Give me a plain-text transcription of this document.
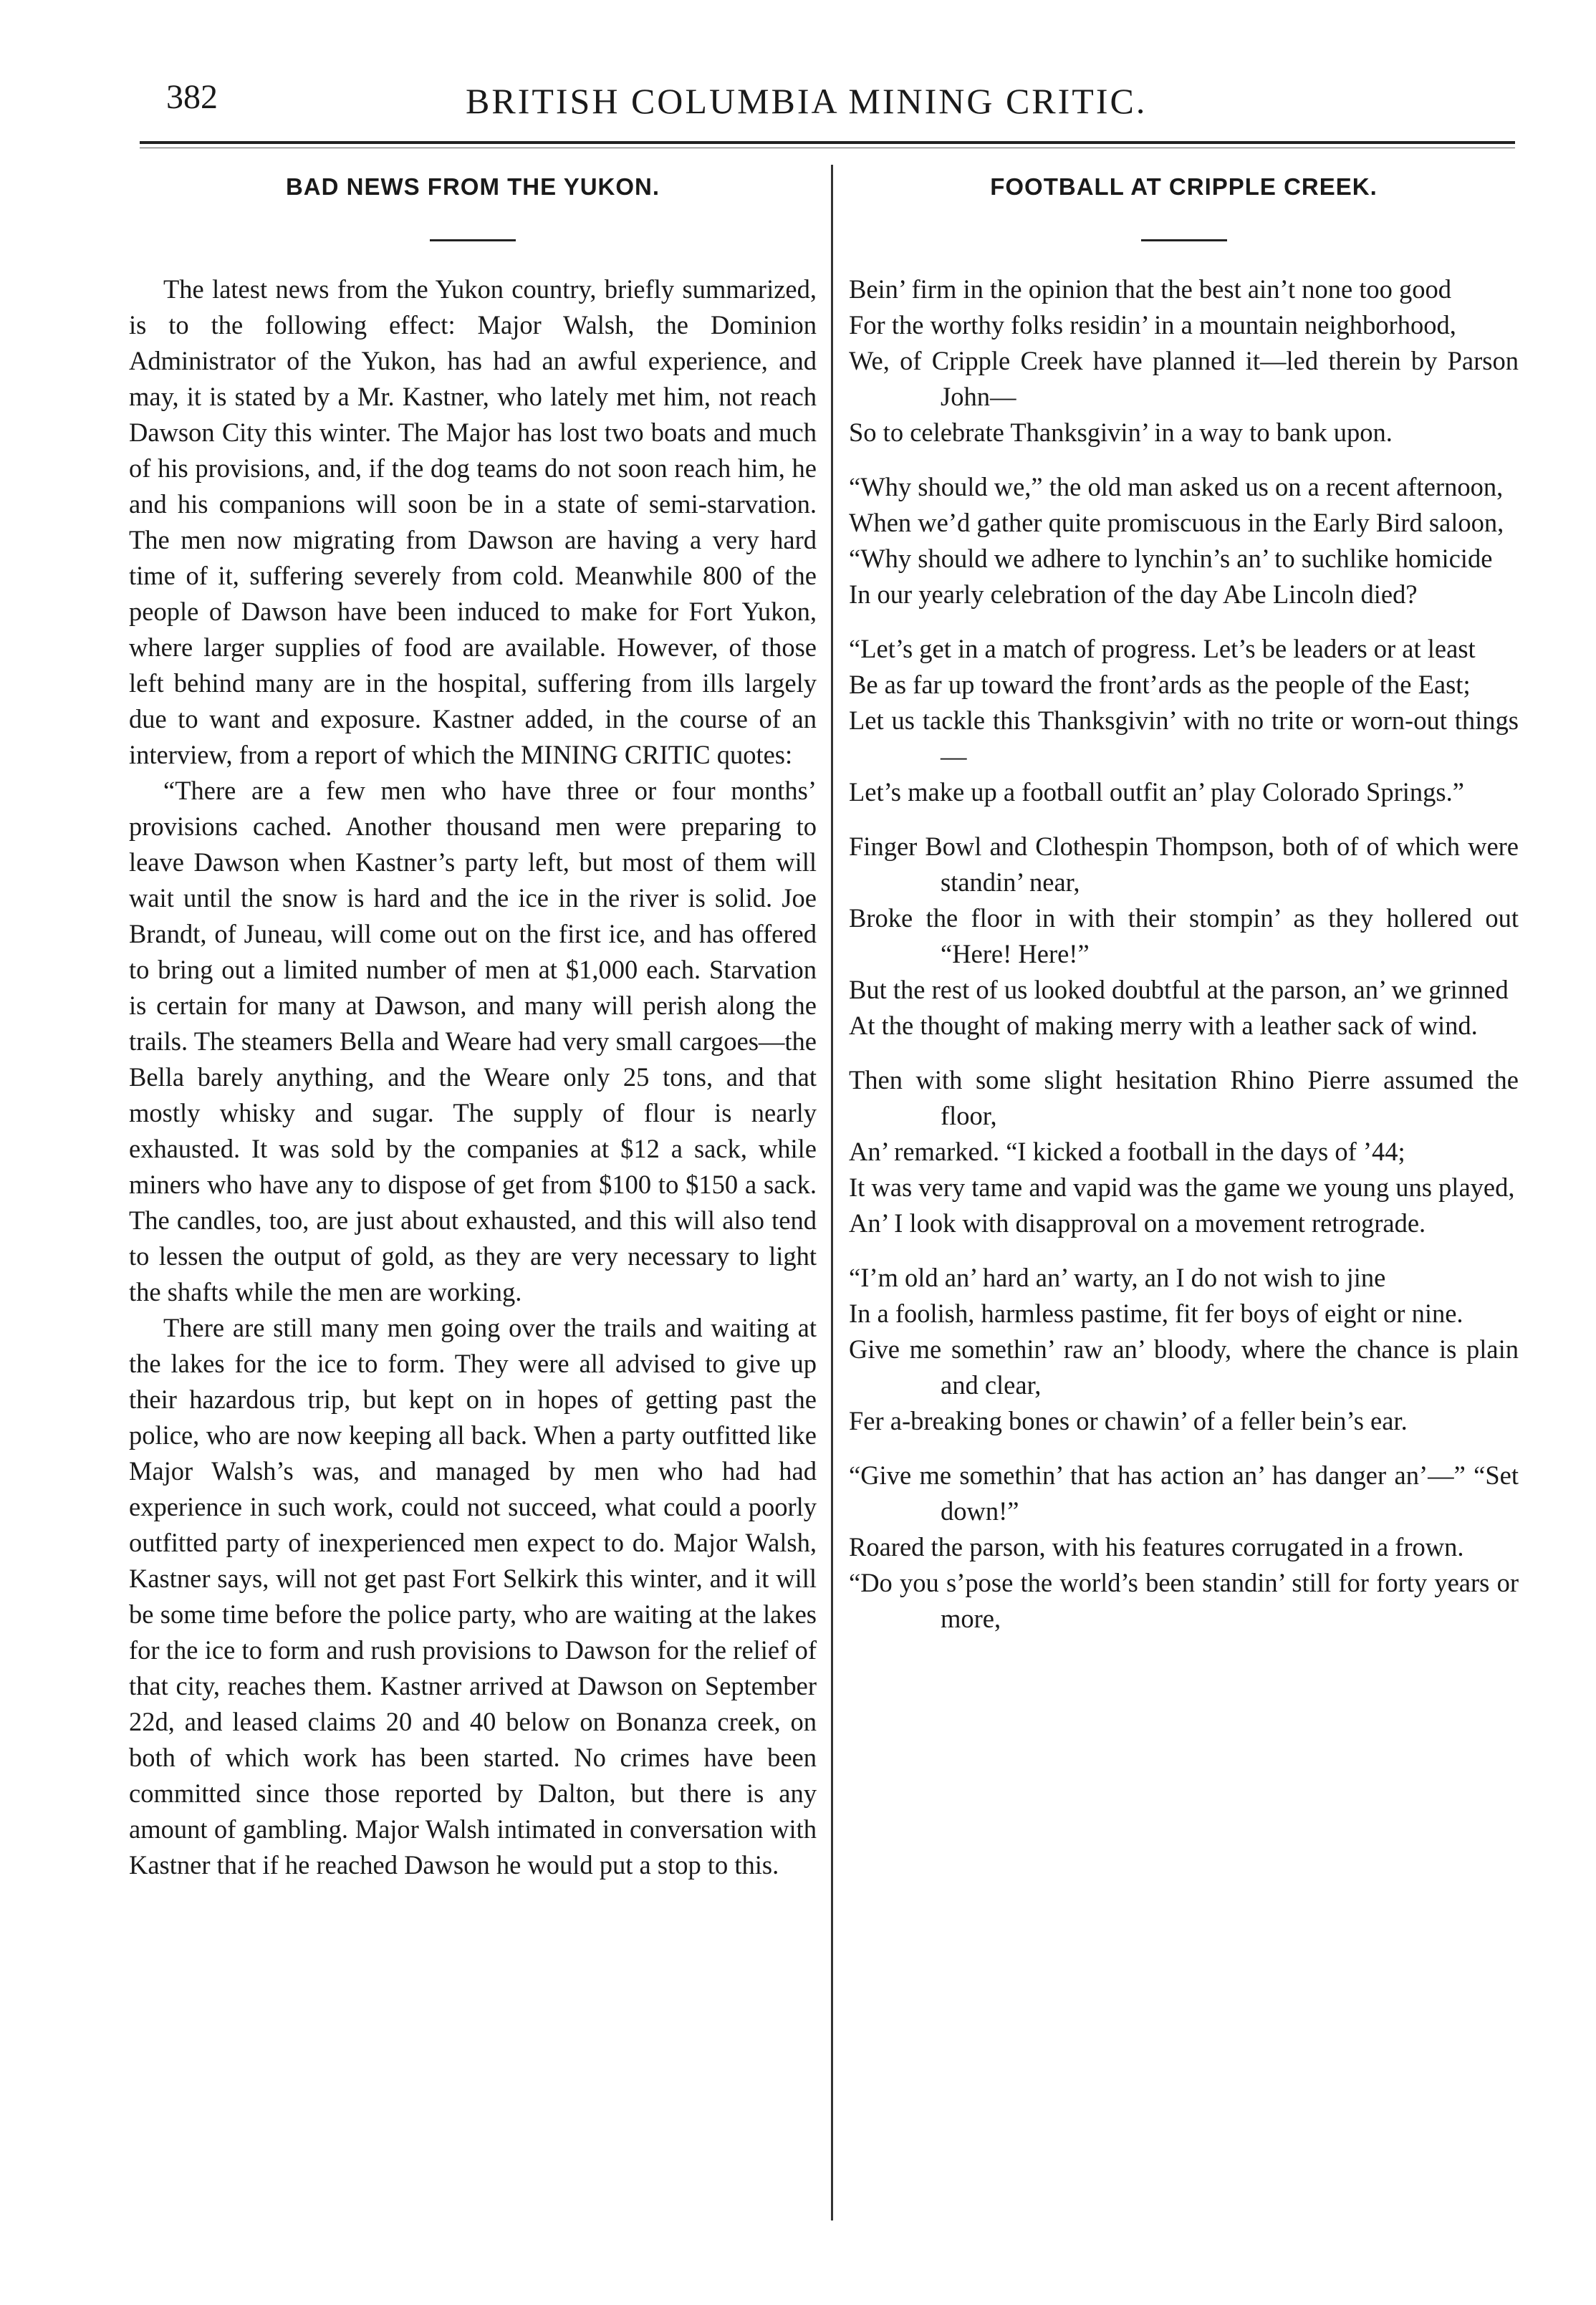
382	BRITISH COLUMBIA MINING CRITIC.
BAD NEWS FROM THE YUKON.

The latest news from the Yukon country, briefly summarized, is to the following effect: Major Walsh, the Dominion Administrator of the Yukon, has had an awful experience, and may, it is stated by a Mr. Kastner, who lately met him, not reach Dawson City this winter. The Major has lost two boats and much of his provisions, and, if the dog teams do not soon reach him, he and his companions will soon be in a state of semi-starvation. The men now migrating from Dawson are having a very hard time of it, suffering severely from cold. Meanwhile 800 of the people of Dawson have been induced to make for Fort Yukon, where larger supplies of food are available. However, of those left behind many are in the hospital, suffering from ills largely due to want and exposure. Kastner added, in the course of an interview, from a report of which the MINING CRITIC quotes:

“There are a few men who have three or four months’ provisions cached. Another thousand men were preparing to leave Dawson when Kastner’s party left, but most of them will wait until the snow is hard and the ice in the river is solid. Joe Brandt, of Juneau, will come out on the first ice, and has offered to bring out a limited number of men at $1,000 each. Starvation is certain for many at Dawson, and many will perish along the trails. The steamers Bella and Weare had very small cargoes—the Bella barely anything, and the Weare only 25 tons, and that mostly whisky and sugar. The supply of flour is nearly exhausted. It was sold by the companies at $12 a sack, while miners who have any to dispose of get from $100 to $150 a sack. The candles, too, are just about exhausted, and this will also tend to lessen the output of gold, as they are very necessary to light the shafts while the men are working.

There are still many men going over the trails and waiting at the lakes for the ice to form. They were all advised to give up their hazardous trip, but kept on in hopes of getting past the police, who are now keeping all back. When a party outfitted like Major Walsh’s was, and managed by men who had had experience in such work, could not succeed, what could a poorly outfitted party of inexperienced men expect to do. Major Walsh, Kastner says, will not get past Fort Selkirk this winter, and it will be some time before the police party, who are waiting at the lakes for the ice to form and rush provisions to Dawson for the relief of that city, reaches them. Kastner arrived at Dawson on September 22d, and leased claims 20 and 40 below on Bonanza creek, on both of which work has been started. No crimes have been committed since those reported by Dalton, but there is any amount of gambling. Major Walsh intimated in conversation with Kastner that if he reached Dawson he would put a stop to this.

FOOTBALL AT CRIPPLE CREEK.
Bein’ firm in the opinion that the best ain’t none too good
For the worthy folks residin’ in a mountain neighborhood,
We, of Cripple Creek have planned it—led therein by Parson John—
So to celebrate Thanksgivin’ in a way to bank upon.
“Why should we,” the old man asked us on a recent afternoon,
When we’d gather quite promiscuous in the Early Bird saloon,
“Why should we adhere to lynchin’s an’ to suchlike homicide
In our yearly celebration of the day Abe Lincoln died?
“Let’s get in a match of progress. Let’s be leaders or at least
Be as far up toward the front’ards as the people of the East;
Let us tackle this Thanksgivin’ with no trite or worn-out things—
Let’s make up a football outfit an’ play Colorado Springs.”
Finger Bowl and Clothespin Thompson, both of of which were standin’ near,
Broke the floor in with their stompin’ as they hollered out “Here! Here!”
But the rest of us looked doubtful at the parson, an’ we grinned
At the thought of making merry with a leather sack of wind.
Then with some slight hesitation Rhino Pierre assumed the floor,
An’ remarked. “I kicked a football in the days of ’44;
It was very tame and vapid was the game we young uns played,
An’ I look with disapproval on a movement retrograde.
“I’m old an’ hard an’ warty, an I do not wish to jine
In a foolish, harmless pastime, fit fer boys of eight or nine.
Give me somethin’ raw an’ bloody, where the chance is plain and clear,
Fer a-breaking bones or chawin’ of a feller bein’s ear.
“Give me somethin’ that has action an’ has danger an’—” “Set down!”
Roared the parson, with his features corrugated in a frown.
“Do you s’pose the world’s been standin’ still for forty years or more,
